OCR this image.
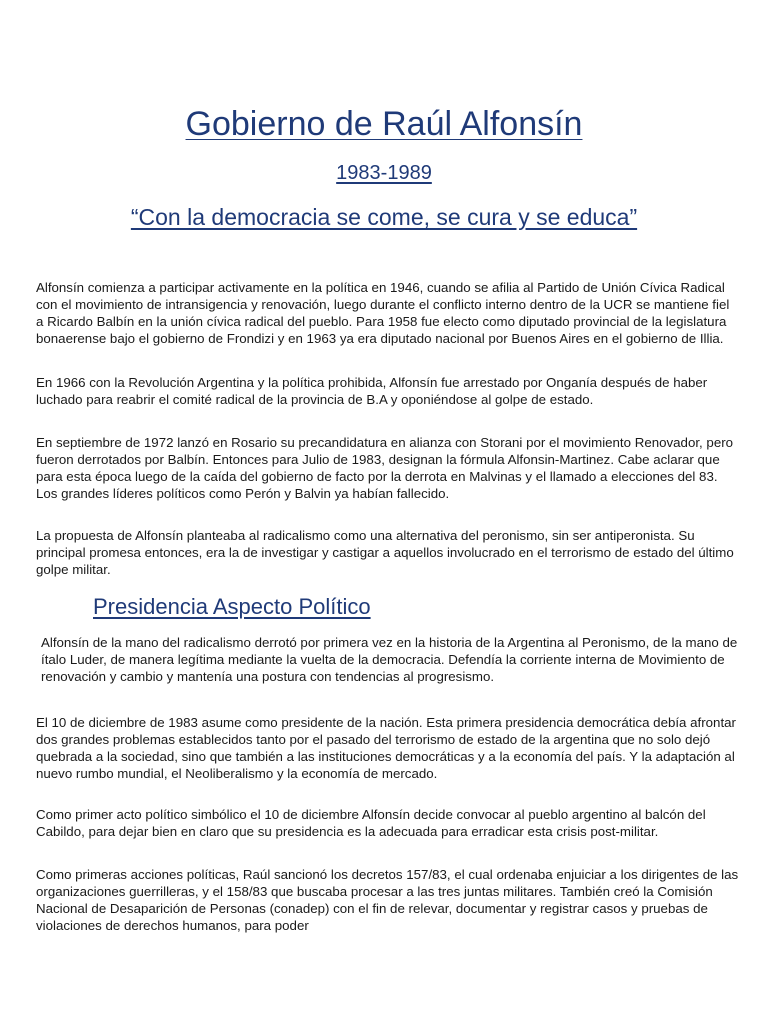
Gobierno de Raúl Alfonsín
1983-1989
“Con la democracia se come, se cura y se educa”

Alfonsín comienza a participar activamente en la política en 1946, cuando se afilia al Partido de Unión Cívica Radical con el movimiento de intransigencia y renovación, luego durante el conflicto interno dentro de la UCR se mantiene fiel a Ricardo Balbín en la unión cívica radical del pueblo. Para 1958 fue electo como diputado provincial de la legislatura bonaerense bajo el gobierno de Frondizi y en 1963 ya era diputado nacional por Buenos Aires en el gobierno de Illia.

En 1966 con la Revolución Argentina y la política prohibida, Alfonsín fue arrestado por Onganía después de haber luchado para reabrir el comité radical de la provincia de B.A y oponiéndose al golpe de estado.

En septiembre de 1972 lanzó en Rosario su precandidatura en alianza con Storani por el movimiento Renovador, pero fueron derrotados por Balbín. Entonces para Julio de 1983, designan la fórmula Alfonsin-Martinez. Cabe aclarar que para esta época luego de la caída del gobierno de facto por la derrota en Malvinas y el llamado a elecciones del 83. Los grandes líderes políticos como Perón y Balvin ya habían fallecido.

La propuesta de Alfonsín planteaba al radicalismo como una alternativa del peronismo, sin ser antiperonista. Su principal promesa entonces, era la de investigar y castigar a aquellos involucrado en el terrorismo de estado del último golpe militar.

Presidencia Aspecto Político

Alfonsín de la mano del radicalismo derrotó por primera vez en la historia de la Argentina al Peronismo, de la mano de ítalo Luder, de manera legítima mediante la vuelta de la democracia. Defendía la corriente interna de Movimiento de renovación y cambio y mantenía una postura con tendencias al progresismo.

El 10 de diciembre de 1983 asume como presidente de la nación. Esta primera presidencia democrática debía afrontar dos grandes problemas establecidos tanto por el pasado del terrorismo de estado de la argentina que no solo dejó quebrada a la sociedad, sino que también a las instituciones democráticas y a la economía del país. Y la adaptación al nuevo rumbo mundial, el Neoliberalismo y la economía de mercado.

Como primer acto político simbólico el 10 de diciembre Alfonsín decide convocar al pueblo argentino al balcón del Cabildo, para dejar bien en claro que su presidencia es la adecuada para erradicar esta crisis post-militar.

Como primeras acciones políticas, Raúl sancionó los decretos 157/83, el cual ordenaba enjuiciar a los dirigentes de las organizaciones guerrilleras, y el 158/83 que buscaba procesar a las tres juntas militares. También creó la Comisión Nacional de Desaparición de Personas (conadep) con el fin de relevar, documentar y registrar casos y pruebas de violaciones de derechos humanos, para poder
